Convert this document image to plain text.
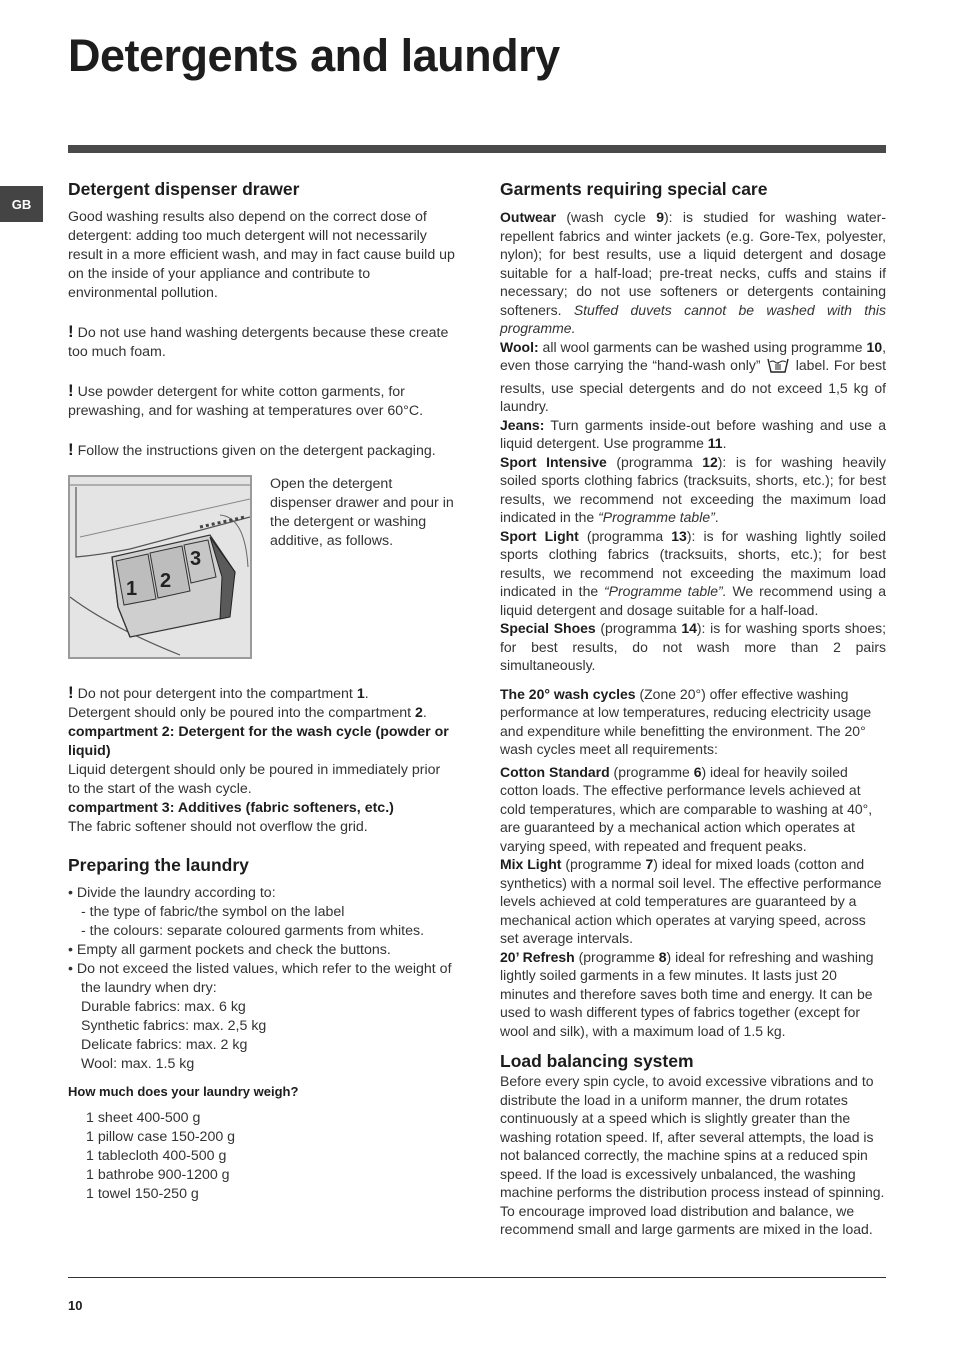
Detergents and laundry
GB
Detergent dispenser drawer

Good washing results also depend on the correct dose of detergent: adding too much detergent will not necessarily result in a more efficient wash, and may in fact cause build up on the inside of your appliance and contribute to environmental pollution.

! Do not use hand washing detergents because these create too much foam.

! Use powder detergent for white cotton garments, for prewashing, and for washing at temperatures over 60°C.

! Follow the instructions given on the detergent packaging.

1 2
3

Open the detergent dispenser drawer and pour in the detergent or washing additive, as follows.

! Do not pour detergent into the compartment 1.
Detergent should only be poured into the compartment 2.

compartment 2: Detergent for the wash cycle (powder or liquid)

Liquid detergent should only be poured in immediately prior to the start of the wash cycle.

compartment 3: Additives (fabric softeners, etc.)

The fabric softener should not overflow the grid.

Preparing the laundry
• Divide the laundry according to:
- the type of fabric/the symbol on the label
- the colours: separate coloured garments from whites.
• Empty all garment pockets and check the buttons.
• Do not exceed the listed values, which refer to the weight of the laundry when dry:
Durable fabrics: max. 6 kg
Synthetic fabrics: max. 2,5 kg
Delicate fabrics: max. 2 kg
Wool: max. 1.5 kg

How much does your laundry weigh?

1 sheet 400-500 g
1 pillow case 150-200 g
1 tablecloth 400-500 g
1 bathrobe 900-1200 g
1 towel 150-250 g
Garments requiring special care

Outwear (wash cycle 9): is studied for washing water-repellent fabrics and winter jackets (e.g. Gore-Tex, polyester, nylon); for best results, use a liquid detergent and dosage suitable for a half-load; pre-treat necks, cuffs and stains if necessary; do not use softeners or detergents containing softeners. Stuffed duvets cannot be washed with this programme.

Wool: all wool garments can be washed using programme 10, even those carrying the “hand-wash only”  label. For best results, use special detergents and do not exceed 1,5 kg of laundry.

Jeans: Turn garments inside-out before washing and use a liquid detergent. Use programme 11.

Sport Intensive (programma 12): is for washing heavily soiled sports clothing fabrics (tracksuits, shorts, etc.); for best results, we recommend not exceeding the maximum load indicated in the “Programme table”.

Sport Light (programma 13): is for washing lightly soiled sports clothing fabrics (tracksuits, shorts, etc.); for best results, we recommend not exceeding the maximum load indicated in the “Programme table”. We recommend using a liquid detergent and dosage suitable for a half-load.

Special Shoes (programma 14): is for washing sports shoes; for best results, do not wash more than 2 pairs simultaneously.

The 20° wash cycles (Zone 20°) offer effective washing performance at low temperatures, reducing electricity usage and expenditure while benefitting the environment. The 20° wash cycles meet all requirements:

Cotton Standard (programme 6) ideal for heavily soiled cotton loads. The effective performance levels achieved at cold temperatures, which are comparable to washing at 40°, are guaranteed by a mechanical action which operates at varying speed, with repeated and frequent peaks.

Mix Light (programme 7) ideal for mixed loads (cotton and synthetics) with a normal soil level. The effective performance levels achieved at cold temperatures are guaranteed by a mechanical action which operates at varying speed, across set average intervals.

20’ Refresh (programme 8) ideal for refreshing and washing lightly soiled garments in a few minutes. It lasts just 20 minutes and therefore saves both time and energy. It can be used to wash different types of fabrics together (except for wool and silk), with a maximum load of 1.5 kg.

Load balancing system

Before every spin cycle, to avoid excessive vibrations and to distribute the load in a uniform manner, the drum rotates continuously at a speed which is slightly greater than the washing rotation speed. If, after several attempts, the load is not balanced correctly, the machine spins at a reduced spin speed. If the load is excessively unbalanced, the washing machine performs the distribution process instead of spinning. To encourage improved load distribution and balance, we recommend small and large garments are mixed in the load.

10
